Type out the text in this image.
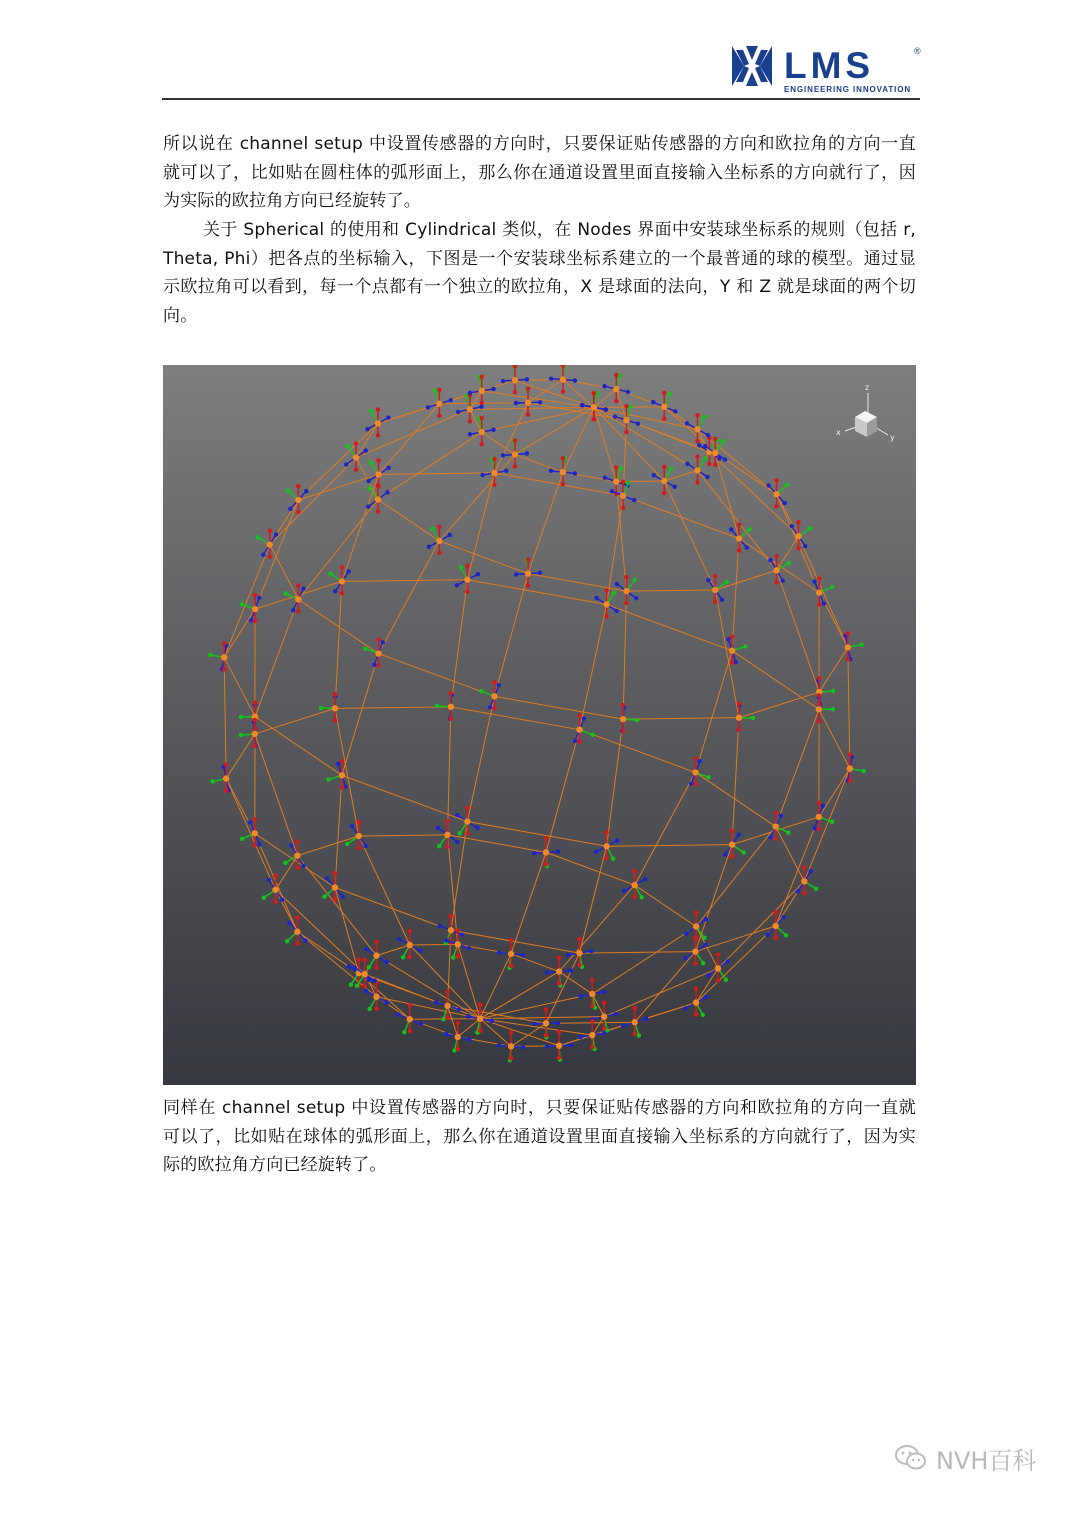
LMS	®
ENGINEERING INNOVATION

所以说在 channel setup 中设置传感器的方向时，只要保证贴传感器的方向和欧拉角的方向一直就可以了，比如贴在圆柱体的弧形面上，那么你在通道设置里面直接输入坐标系的方向就行了，因为实际的欧拉角方向已经旋转了。

关于 Spherical 的使用和 Cylindrical 类似，在 Nodes 界面中安装球坐标系的规则（包括 r, Theta, Phi）把各点的坐标输入，下图是一个安装球坐标系建立的一个最普通的球的模型。通过显示欧拉角可以看到，每一个点都有一个独立的欧拉角，X 是球面的法向，Y 和 Z 就是球面的两个切向。

z
y
x

同样在 channel setup 中设置传感器的方向时，只要保证贴传感器的方向和欧拉角的方向一直就可以了，比如贴在球体的弧形面上，那么你在通道设置里面直接输入坐标系的方向就行了，因为实际的欧拉角方向已经旋转了。

NVH百科
